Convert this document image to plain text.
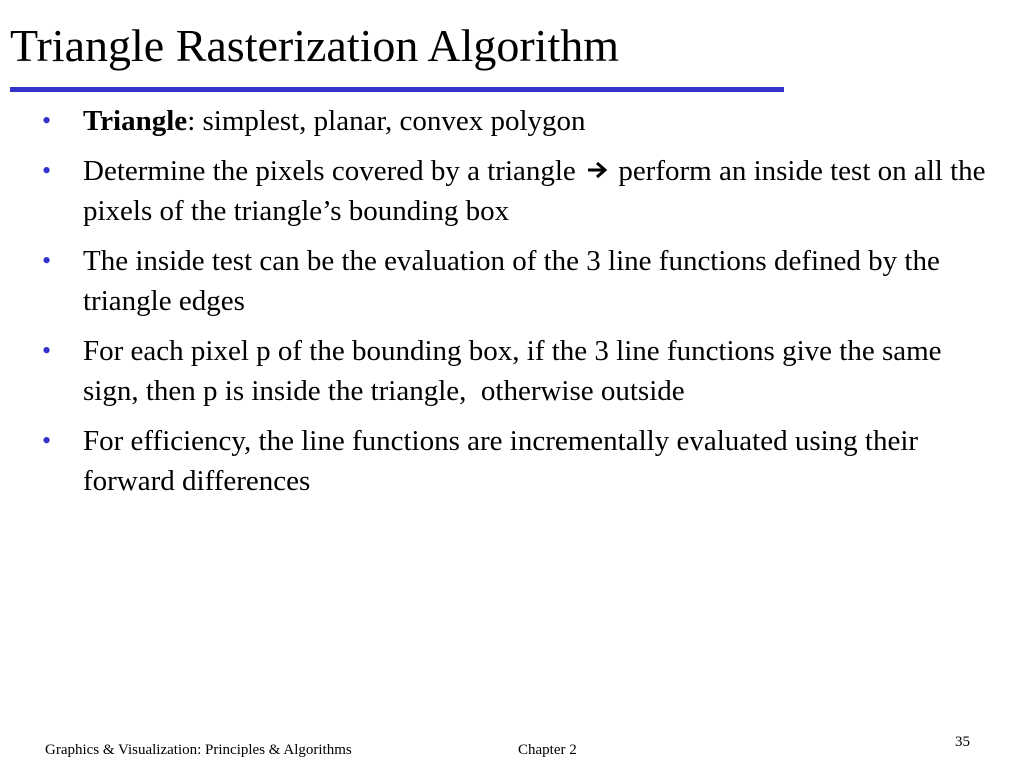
Triangle Rasterization Algorithm
• Triangle: simplest, planar, convex polygon
• Determine the pixels covered by a triangle perform an inside test on all the pixels of the triangle’s bounding box
• The inside test can be the evaluation of the 3 line functions defined by the triangle edges
• For each pixel p of the bounding box, if the 3 line functions give the same sign, then p is inside the triangle,  otherwise outside
• For efficiency, the line functions are incrementally evaluated using their forward differences
Graphics & Visualization: Principles & Algorithms	Chapter 2	35
